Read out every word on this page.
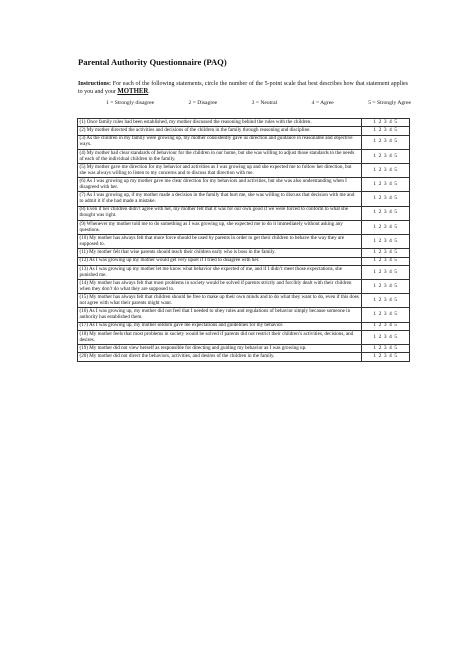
Parental Authority Questionnaire (PAQ)
Instructions: For each of the following statements, circle the number of the 5-point scale that best describes how that statement applies to you and your MOTHER.
1 = Strongly disagree	2 = Disagree	3 = Neutral	4 = Agree	5 = Strongly Agree
(1) Once family rules had been established, my mother discussed the reasoning behind the rules with the children.	1 2 3 4 5
(2) My mother directed the activities and decisions of the children in the family through reasoning and discipline.	1 2 3 4 5
(3) As the children in my family were growing up, my mother consistently gave us direction and guidance in reasonable and objective ways.	1 2 3 4 5
(4) My mother had clear standards of behaviour for the children in our home, but she was willing to adjust those standards to the needs of each of the individual children in the family.	1 2 3 4 5
(5) My mother gave me direction for my behavior and activities as I was growing up and she expected me to follow her direction, but she was always willing to listen to my concerns and to discuss that direction with me.	1 2 3 4 5
(6) As I was growing up my mother gave me clear direction for my behaviors and activities, but she was also understanding when I disagreed with her.	1 2 3 4 5
(7) As I was growing up, if my mother made a decision in the family that hurt me, she was willing to discuss that decision with me and to admit it if she had made a mistake.	1 2 3 4 5
(8) Even if her children didn’t agree with her, my mother felt that it was for our own good if we were forced to conform to what she thought was right.	1 2 3 4 5
(9) Whenever my mother told me to do something as I was growing up, she expected me to do it immediately without asking any questions.	1 2 3 4 5
(10) My mother has always felt that more force should be used by parents in order to get their children to behave the way they are supposed to.	1 2 3 4 5
(11) My mother felt that wise parents should teach their children early who is boss in the family.	1 2 3 4 5
(12) As I was growing up my mother would get very upset if I tried to disagree with her.	1 2 3 4 5
(13) As I was growing up my mother let me know what behavior she expected of me, and if I didn’t meet those expectations, she punished me.	1 2 3 4 5
(14) My mother has always felt that most problems in society would be solved if parents strictly and forcibly dealt with their children when they don’t do what they are supposed to.	1 2 3 4 5
(15) My mother has always felt that children should be free to make up their own minds and to do what they want to do, even if this does not agree with what their parents might want.	1 2 3 4 5
(16) As I was growing up, my mother did not feel that I needed to obey rules and regulations of behavior simply because someone in authority has established them.	1 2 3 4 5
(17) As I was growing up, my mother seldom gave me expectations and guidelines for my behavior.	1 2 3 4 5
(18) My mother feels that most problems in society would be solved if parents did not restrict their children’s activities, decisions, and desires.	1 2 3 4 5
(19) My mother did not view herself as responsible for directing and guiding my behavior as I was growing up.	1 2 3 4 5
(20) My mother did not direct the behaviors, activities, and desires of the children in the family.	1 2 3 4 5
